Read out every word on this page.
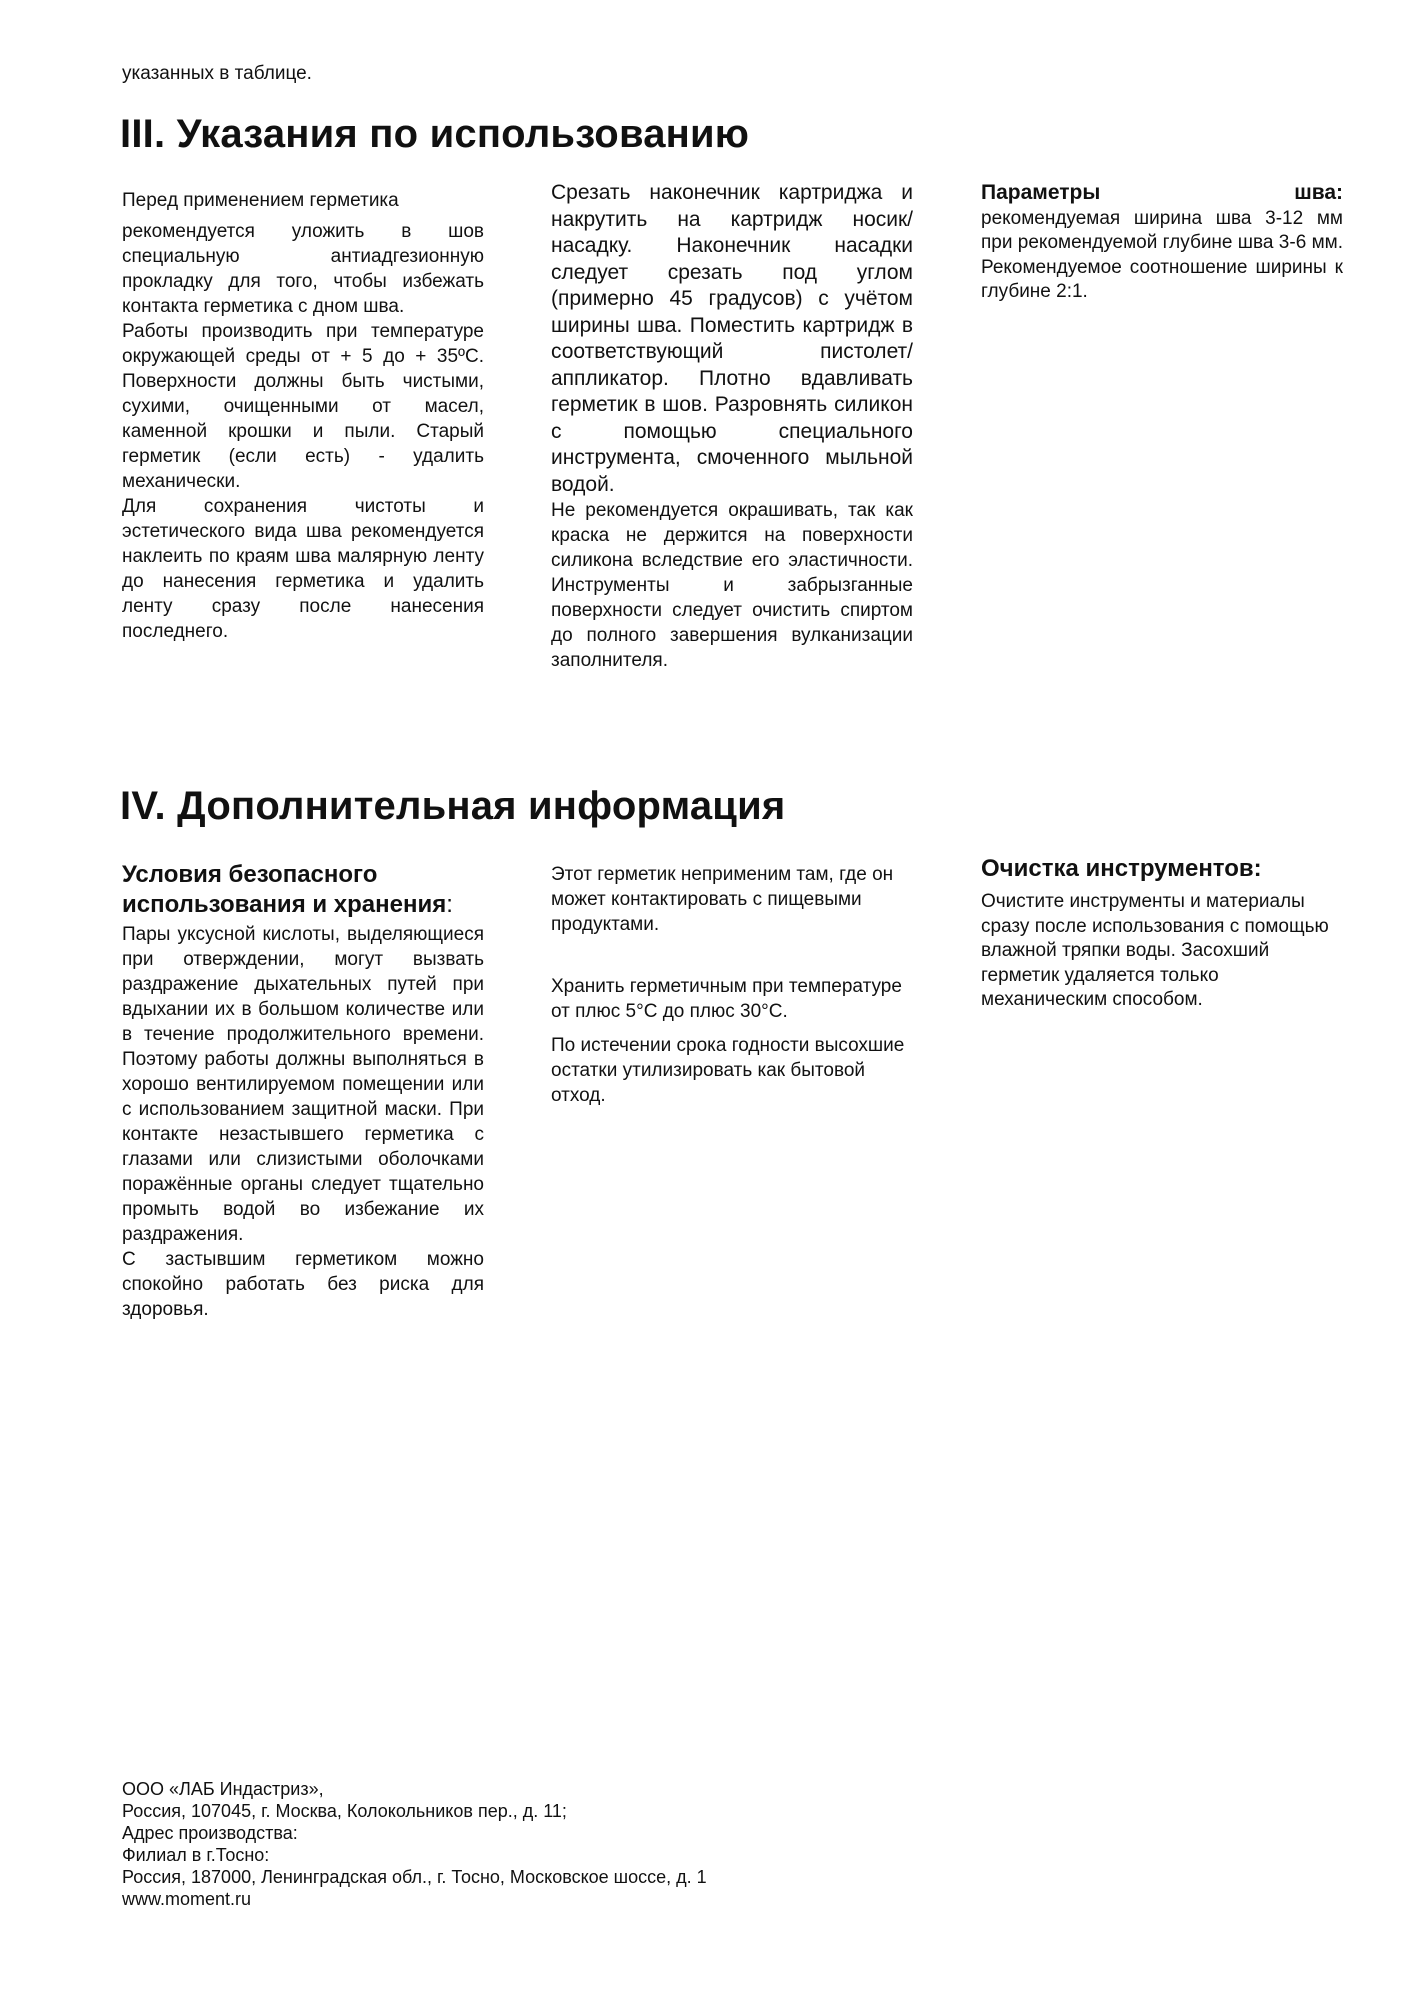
указанных в таблице.
III. Указания по использованию

Перед применением герметика

рекомендуется уложить в шов специальную антиадгезионную прокладку для того, чтобы избежать контакта герметика с дном шва.

Работы производить при температуре окружающей среды от + 5 до + 35ºС. Поверхности должны быть чистыми, сухими, очищенными от масел, каменной крошки и пыли. Старый герметик (если есть) - удалить механически.

Для сохранения чистоты и эстетического вида шва рекомендуется наклеить по краям шва малярную ленту до нанесения герметика и удалить ленту сразу после нанесения последнего.

Срезать наконечник картриджа и накрутить на картридж носик/насадку. Наконечник насадки следует срезать под углом (примерно 45 градусов) с учётом ширины шва. Поместить картридж в соответствующий пистолет/аппликатор. Плотно вдавливать герметик в шов. Разровнять силикон с помощью специального инструмента, смоченного мыльной водой.

Не рекомендуется окрашивать, так как краска не держится на поверхности силикона вследствие его эластичности. Инструменты и забрызганные поверхности следует очистить спиртом до полного завершения вулканизации заполнителя.

Параметры	шва:

рекомендуемая ширина шва 3-12 мм при рекомендуемой глубине шва 3-6 мм. Рекомендуемое соотношение ширины к глубине 2:1.

IV. Дополнительная информация
Условия безопасного
использования и хранения:

Пары уксусной кислоты, выделяющиеся при отверждении, могут вызвать раздражение дыхательных путей при вдыхании их в большом количестве или в течение продолжительного времени. Поэтому работы должны выполняться в хорошо вентилируемом помещении или с использованием защитной маски. При контакте незастывшего герметика с глазами или слизистыми оболочками поражённые органы следует тщательно промыть водой во избежание их раздражения.

С застывшим герметиком можно спокойно работать без риска для здоровья.

Этот герметик неприменим там, где он может контактировать с пищевыми продуктами.

Хранить герметичным при температуре от плюс 5°С до плюс 30°С.

По истечении срока годности высохшие остатки утилизировать как бытовой отход.

Очистка инструментов:

Очистите инструменты и материалы сразу после использования с помощью влажной тряпки воды. Засохший герметик удаляется только механическим способом.

ООО «ЛАБ Индастриз»,
Россия, 107045, г. Москва, Колокольников пер., д. 11;
Адрес производства:
Филиал в г.Тосно:
Россия, 187000, Ленинградская обл., г. Тосно, Московское шоссе, д. 1
www.moment.ru
